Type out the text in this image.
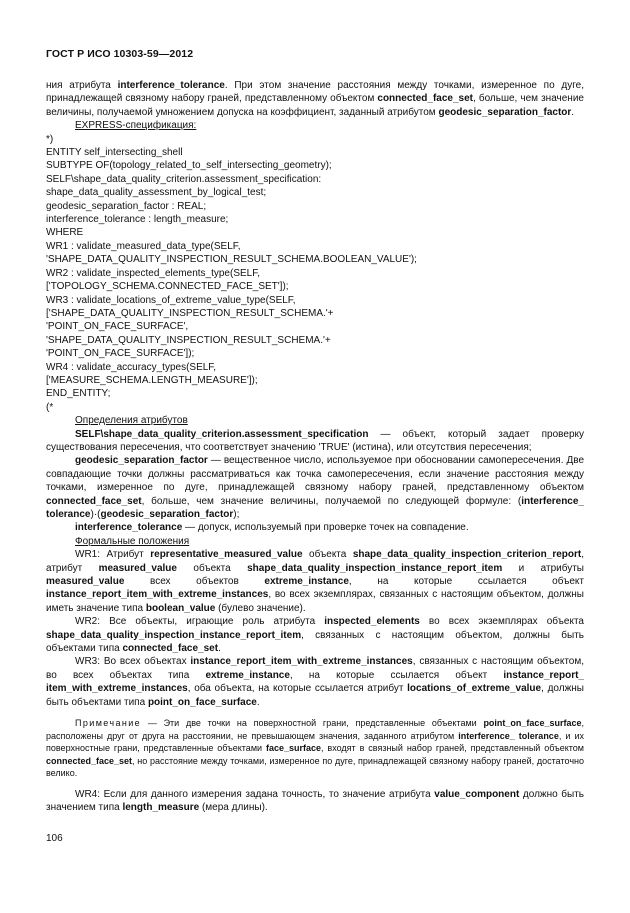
ГОСТ Р ИСО 10303-59—2012

ния атрибута interference_tolerance. При этом значение расстояния между точками, измеренное по дуге, принадлежащей связному набору граней, представленному объектом connected_face_set, больше, чем значение величины, получаемой умножением допуска на коэффициент, заданный атрибутом geodesic_separation_factor.

EXPRESS-спецификация:

*)

ENTITY self_intersecting_shell

SUBTYPE OF(topology_related_to_self_intersecting_geometry);

SELF\shape_data_quality_criterion.assessment_specification:

shape_data_quality_assessment_by_logical_test;

geodesic_separation_factor : REAL;

interference_tolerance : length_measure;

WHERE

WR1 : validate_measured_data_type(SELF,

'SHAPE_DATA_QUALITY_INSPECTION_RESULT_SCHEMA.BOOLEAN_VALUE');

WR2 : validate_inspected_elements_type(SELF,

['TOPOLOGY_SCHEMA.CONNECTED_FACE_SET']);

WR3 : validate_locations_of_extreme_value_type(SELF,

['SHAPE_DATA_QUALITY_INSPECTION_RESULT_SCHEMA.'+

'POINT_ON_FACE_SURFACE',

'SHAPE_DATA_QUALITY_INSPECTION_RESULT_SCHEMA.'+

'POINT_ON_FACE_SURFACE']);

WR4 : validate_accuracy_types(SELF,

['MEASURE_SCHEMA.LENGTH_MEASURE']);

END_ENTITY;

(*

Определения атрибутов

SELF\shape_data_quality_criterion.assessment_specification — объект, который задает проверку существования пересечения, что соответствует значению 'TRUE' (истина), или отсутствия пересечения;

geodesic_separation_factor — вещественное число, используемое при обосновании самопересечения. Две совпадающие точки должны рассматриваться как точка самопересечения, если значение расстояния между точками, измеренное по дуге, принадлежащей связному набору граней, представленному объектом connected_face_set, больше, чем значение величины, получаемой по следующей формуле: (interference_ tolerance)·(geodesic_separation_factor);

interference_tolerance — допуск, используемый при проверке точек на совпадение.

Формальные положения

WR1: Атрибут representative_measured_value объекта shape_data_quality_inspection_criterion_report, атрибут measured_value объекта shape_data_quality_inspection_instance_report_item и атрибуты measured_value всех объектов extreme_instance, на которые ссылается объект instance_report_item_with_extreme_instances, во всех экземплярах, связанных с настоящим объектом, должны иметь значение типа boolean_value (булево значение).

WR2: Все объекты, играющие роль атрибута inspected_elements во всех экземплярах объекта shape_data_quality_inspection_instance_report_item, связанных с настоящим объектом, должны быть объектами типа connected_face_set.

WR3: Во всех объектах instance_report_item_with_extreme_instances, связанных с настоящим объектом, во всех объектах типа extreme_instance, на которые ссылается объект instance_report_ item_with_extreme_instances, оба объекта, на которые ссылается атрибут locations_of_extreme_value, должны быть объектами типа point_on_face_surface.

Примечание — Эти две точки на поверхностной грани, представленные объектами point_on_face_surface, расположены друг от друга на расстоянии, не превышающем значения, заданного атрибутом interference_ tolerance, и их поверхностные грани, представленные объектами face_surface, входят в связный набор граней, представленный объектом connected_face_set, но расстояние между точками, измеренное по дуге, принадлежащей связному набору граней, достаточно велико.

WR4: Если для данного измерения задана точность, то значение атрибута value_component должно быть значением типа length_measure (мера длины).

106
